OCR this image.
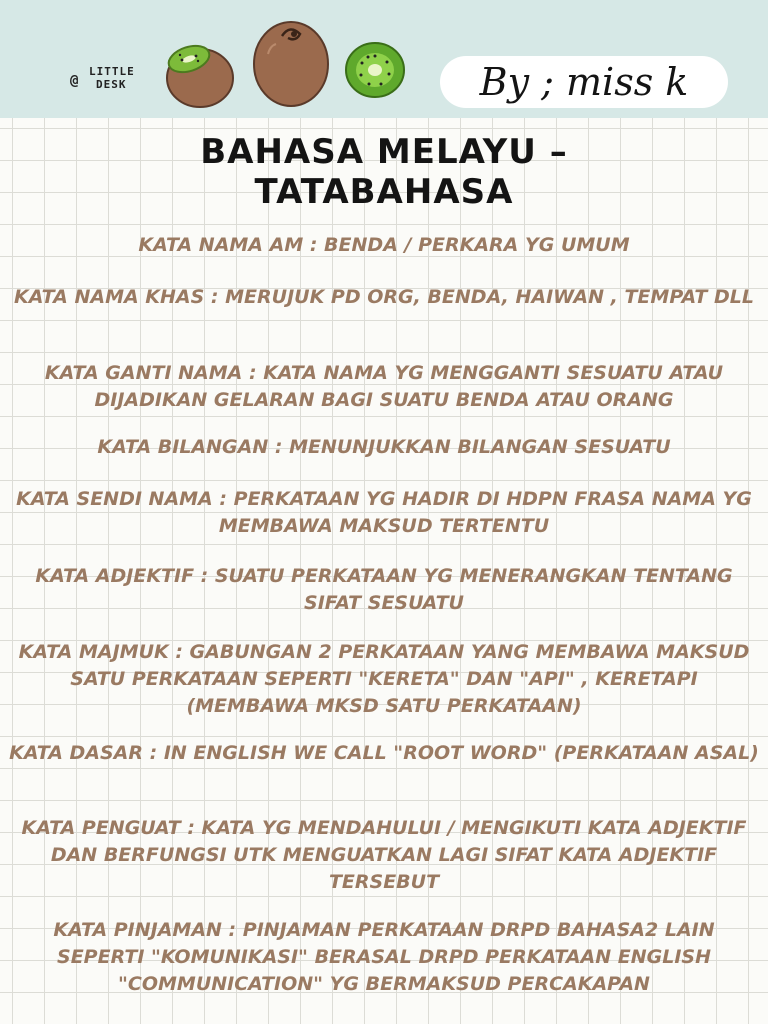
@
LITTLE
DESK	By ; miss k
BAHASA MELAYU –
TATABAHASA
KATA NAMA AM : BENDA / PERKARA YG UMUM
KATA NAMA KHAS : MERUJUK PD ORG, BENDA, HAIWAN , TEMPAT DLL
KATA GANTI NAMA : KATA NAMA YG MENGGANTI SESUATU ATAU DIJADIKAN GELARAN BAGI SUATU BENDA ATAU ORANG
KATA BILANGAN : MENUNJUKKAN BILANGAN SESUATU
KATA SENDI NAMA : PERKATAAN YG HADIR DI HDPN FRASA NAMA YG MEMBAWA MAKSUD TERTENTU
KATA ADJEKTIF : SUATU PERKATAAN YG MENERANGKAN TENTANG SIFAT SESUATU
KATA MAJMUK : GABUNGAN 2 PERKATAAN YANG MEMBAWA MAKSUD SATU PERKATAAN SEPERTI "KERETA" DAN "API" , KERETAPI (MEMBAWA MKSD SATU PERKATAAN)
KATA DASAR : IN ENGLISH WE CALL "ROOT WORD" (PERKATAAN ASAL)
KATA PENGUAT : KATA YG MENDAHULUI / MENGIKUTI KATA ADJEKTIF DAN BERFUNGSI UTK MENGUATKAN LAGI SIFAT KATA ADJEKTIF TERSEBUT
KATA PINJAMAN : PINJAMAN PERKATAAN DRPD BAHASA2 LAIN SEPERTI "KOMUNIKASI" BERASAL DRPD PERKATAAN ENGLISH "COMMUNICATION" YG BERMAKSUD PERCAKAPAN
